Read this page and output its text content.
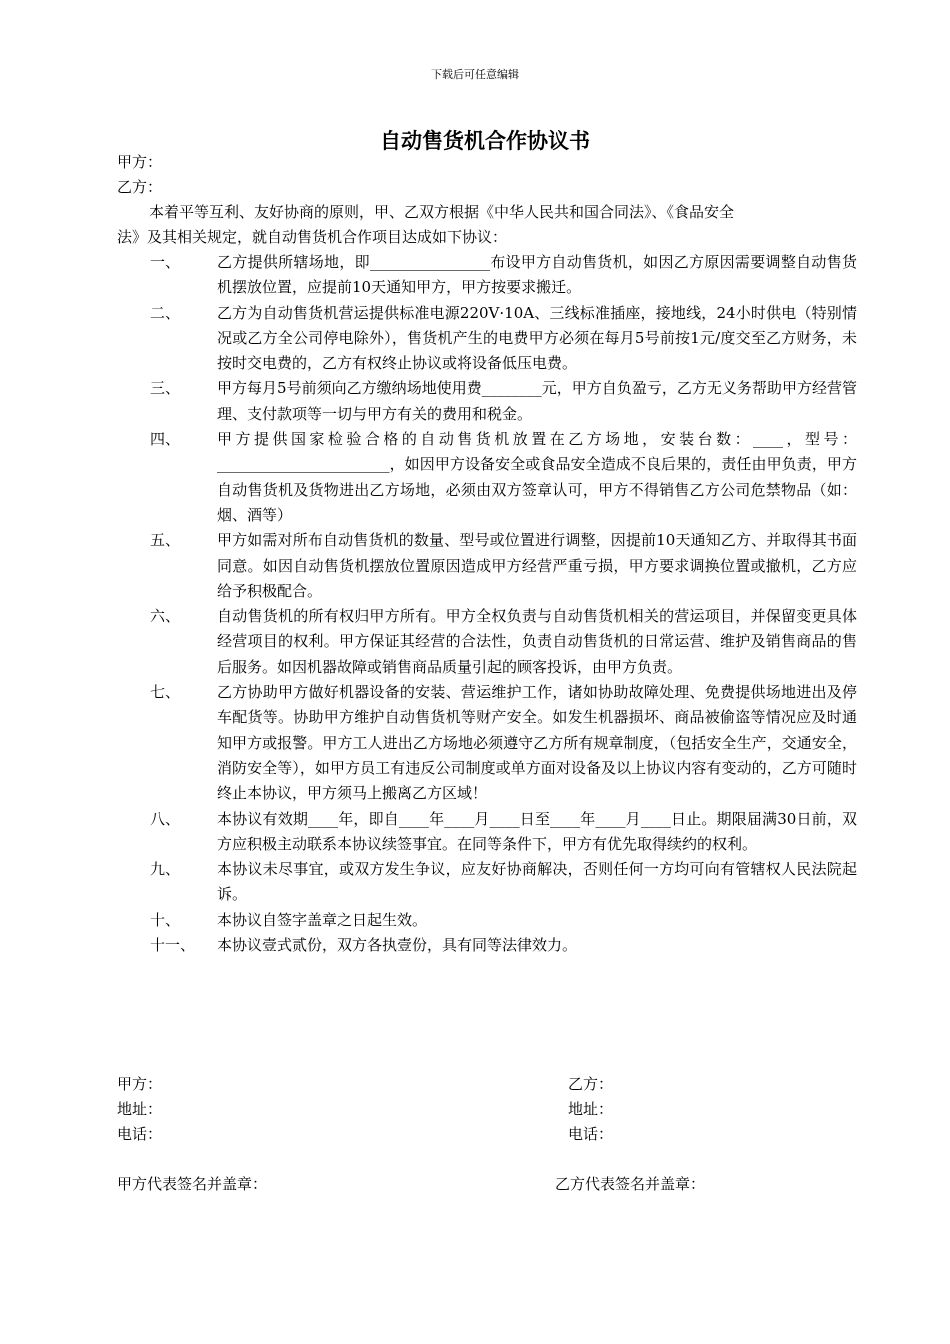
下载后可任意编辑
自动售货机合作协议书
甲方：
乙方：

本着平等互利、友好协商的原则，甲、乙双方根据《中华人民共和国合同法》、《食品安全

法》及其相关规定，就自动售货机合作项目达成如下协议：

一、	乙方提供所辖场地，即________________布设甲方自动售货机，如因乙方原因需要调整自动售货机摆放位置，应提前10天通知甲方，甲方按要求搬迁。
二、	乙方为自动售货机营运提供标准电源220V·10A、三线标准插座，接地线，24小时供电（特别情况或乙方全公司停电除外），售货机产生的电费甲方必须在每月5号前按1元/度交至乙方财务，未按时交电费的，乙方有权终止协议或将设备低压电费。
三、	甲方每月5号前须向乙方缴纳场地使用费________元，甲方自负盈亏，乙方无义务帮助甲方经营管理、支付款项等一切与甲方有关的费用和税金。
四、	甲方提供国家检验合格的自动售货机放置在乙方场地，安装台数：____，型号：_______________________，如因甲方设备安全或食品安全造成不良后果的，责任由甲负责，甲方自动售货机及货物进出乙方场地，必须由双方签章认可，甲方不得销售乙方公司危禁物品（如：烟、酒等）
五、	甲方如需对所布自动售货机的数量、型号或位置进行调整，因提前10天通知乙方、并取得其书面同意。如因自动售货机摆放位置原因造成甲方经营严重亏损，甲方要求调换位置或撤机，乙方应给予积极配合。
六、	自动售货机的所有权归甲方所有。甲方全权负责与自动售货机相关的营运项目，并保留变更具体经营项目的权利。甲方保证其经营的合法性，负责自动售货机的日常运营、维护及销售商品的售后服务。如因机器故障或销售商品质量引起的顾客投诉，由甲方负责。
七、	乙方协助甲方做好机器设备的安装、营运维护工作，诸如协助故障处理、免费提供场地进出及停车配货等。协助甲方维护自动售货机等财产安全。如发生机器损坏、商品被偷盗等情况应及时通知甲方或报警。甲方工人进出乙方场地必须遵守乙方所有规章制度，（包括安全生产，交通安全，消防安全等），如甲方员工有违反公司制度或单方面对设备及以上协议内容有变动的，乙方可随时终止本协议，甲方须马上搬离乙方区域！
八、	本协议有效期____年，即自____年____月____日至____年____月____日止。期限届满30日前，双方应积极主动联系本协议续签事宜。在同等条件下，甲方有优先取得续约的权利。
九、	本协议未尽事宜，或双方发生争议，应友好协商解决，否则任何一方均可向有管辖权人民法院起诉。
十、	本协议自签字盖章之日起生效。
十一、	本协议壹式贰份，双方各执壹份，具有同等法律效力。
甲方：
地址：
电话：
乙方：
地址：
电话：
甲方代表签名并盖章：	乙方代表签名并盖章：
